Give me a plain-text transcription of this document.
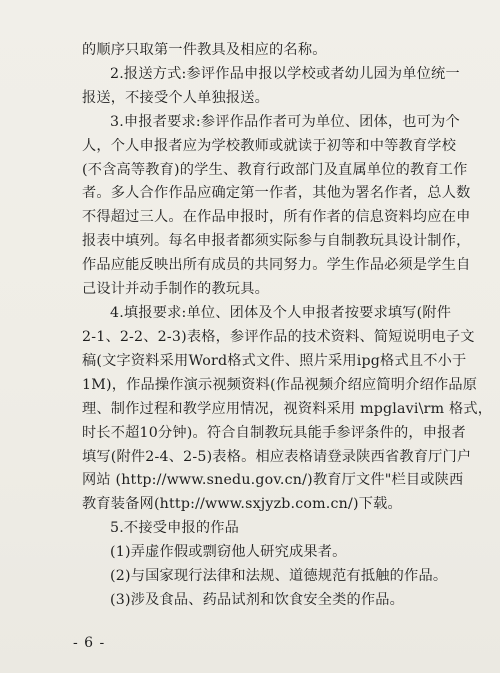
的顺序只取第一件教具及相应的名称。
2.报送方式:参评作品申报以学校或者幼儿园为单位统一
报送，不接受个人单独报送。
3.申报者要求:参评作品作者可为单位、团体，也可为个
人，个人申报者应为学校教师或就读于初等和中等教育学校
(不含高等教育)的学生、教育行政部门及直属单位的教育工作
者。多人合作作品应确定第一作者，其他为署名作者，总人数
不得超过三人。在作品申报时，所有作者的信息资料均应在申
报表中填列。每名申报者都须实际参与自制教玩具设计制作，
作品应能反映出所有成员的共同努力。学生作品必须是学生自
己设计并动手制作的教玩具。
4.填报要求:单位、团体及个人申报者按要求填写(附件
2-1、2-2、2-3)表格，参评作品的技术资料、简短说明电子文
稿(文字资料采用Word格式文件、照片采用ipg格式且不小于
1M)，作品操作演示视频资料(作品视频介绍应简明介绍作品原
理、制作过程和教学应用情况，视资料采用 mpglavi\rm 格式，
时长不超10分钟)。符合自制教玩具能手参评条件的，申报者
填写(附件2-4、2-5)表格。相应表格请登录陕西省教育厅门户
网站 (http://www.snedu.gov.cn/)教育厅文件"栏目或陕西
教育装备网(http://www.sxjyzb.com.cn/)下载。
5.不接受申报的作品
(1)弄虚作假或剽窃他人研究成果者。
(2)与国家现行法律和法规、道德规范有抵触的作品。
(3)涉及食品、药品试剂和饮食安全类的作品。
- 6 -
